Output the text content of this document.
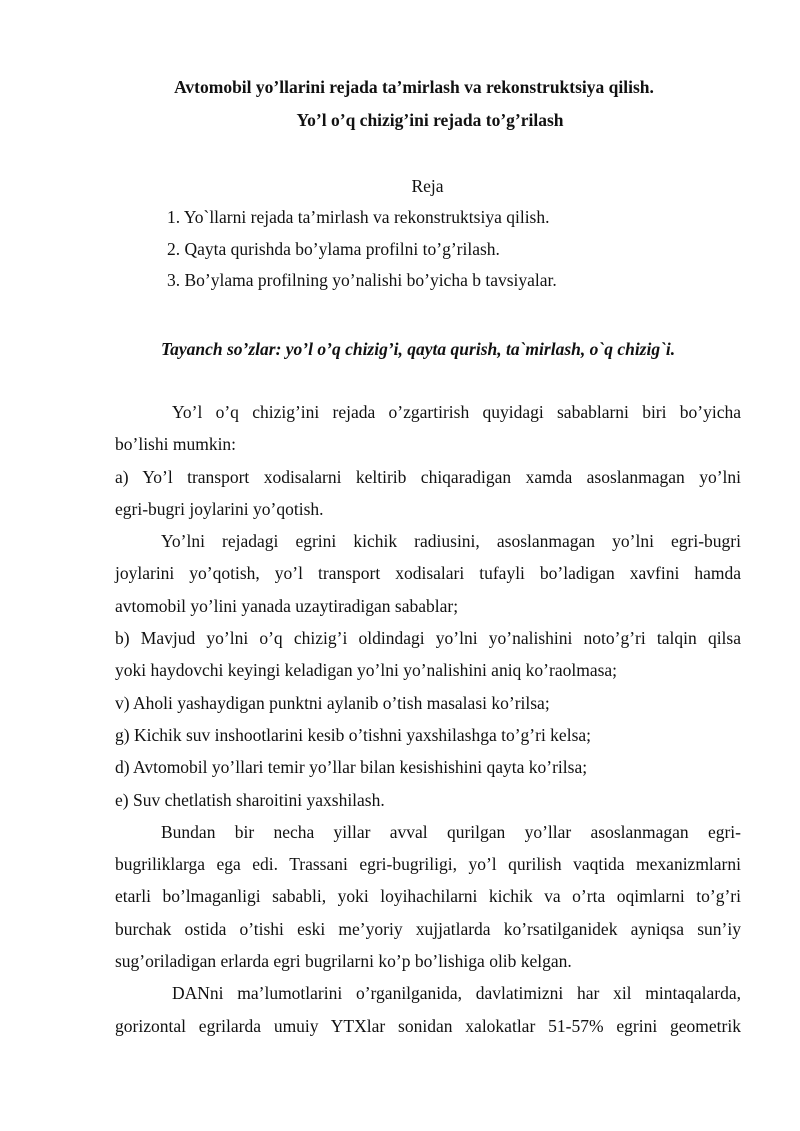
Avtomobil yo’llarini rejada ta’mirlash va rekonstruktsiya qilish.
Yo’l o’q chizig’ini rejada to’g’rilash
Reja
1. Yo`llarni rejada ta’mirlash va rekonstruktsiya qilish.
2. Qayta qurishda bo’ylama profilni to’g’rilash.
3. Bo’ylama profilning yo’nalishi bo’yicha b tavsiyalar.
Tayanch so’zlar: yo’l o’q chizig’i, qayta qurish, ta`mirlash, o`q chizig`i.
Yo’l o’q chizig’ini rejada o’zgartirish quyidagi sabablarni biri bo’yicha
bo’lishi mumkin:
a) Yo’l transport xodisalarni keltirib chiqaradigan xamda asoslanmagan yo’lni
egri-bugri joylarini yo’qotish.
Yo’lni rejadagi egrini kichik radiusini, asoslanmagan yo’lni egri-bugri
joylarini yo’qotish, yo’l transport xodisalari tufayli bo’ladigan xavfini hamda
avtomobil yo’lini yanada uzaytiradigan sabablar;
b) Mavjud yo’lni o’q chizig’i oldindagi yo’lni yo’nalishini noto’g’ri talqin qilsa
yoki haydovchi keyingi keladigan yo’lni yo’nalishini aniq ko’raolmasa;
v) Aholi yashaydigan punktni aylanib o’tish masalasi ko’rilsa;
g) Kichik suv inshootlarini kesib o’tishni yaxshilashga to’g’ri kelsa;
d) Avtomobil yo’llari temir yo’llar bilan kesishishini qayta ko’rilsa;
e) Suv chetlatish sharoitini yaxshilash.
Bundan bir necha yillar avval qurilgan yo’llar asoslanmagan egri-
bugriliklarga ega edi. Trassani egri-bugriligi, yo’l qurilish vaqtida mexanizmlarni
etarli bo’lmaganligi sababli, yoki loyihachilarni kichik va o’rta oqimlarni to’g’ri
burchak ostida o’tishi eski me’yoriy xujjatlarda ko’rsatilganidek ayniqsa sun’iy
sug’oriladigan erlarda egri bugrilarni ko’p bo’lishiga olib kelgan.
DANni ma’lumotlarini o’rganilganida, davlatimizni har xil mintaqalarda,
gorizontal egrilarda umuiy YTXlar sonidan xalokatlar 51-57% egrini geometrik
